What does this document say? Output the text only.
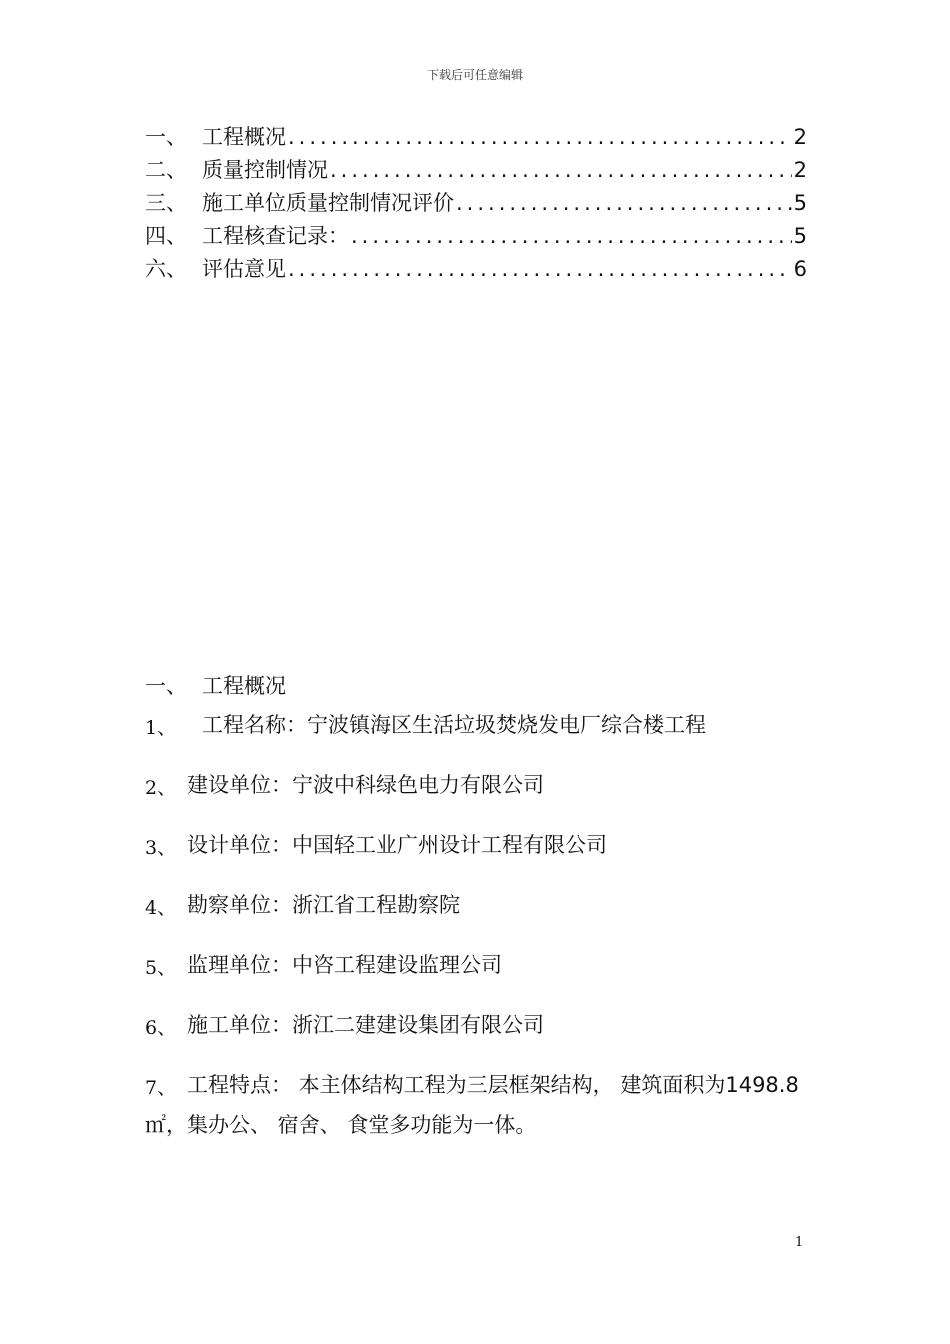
下载后可任意编辑
一、 工程概况 .....	2
二、 质量控制情况 .....	2
三、 施工单位质量控制情况评价 .....	5
四、 工程核查记录： .....	5
六、 评估意见 .....	6
一、 工程概况
1、	工程名称：宁波镇海区生活垃圾焚烧发电厂综合楼工程
2、 建设单位：宁波中科绿色电力有限公司
3、 设计单位：中国轻工业广州设计工程有限公司
4、 勘察单位：浙江省工程勘察院
5、 监理单位：中咨工程建设监理公司
6、 施工单位：浙江二建建设集团有限公司
7、 工程特点： 本主体结构工程为三层框架结构， 建筑面积为1498.8㎡，集办公、 宿舍、 食堂多功能为一体。
1
